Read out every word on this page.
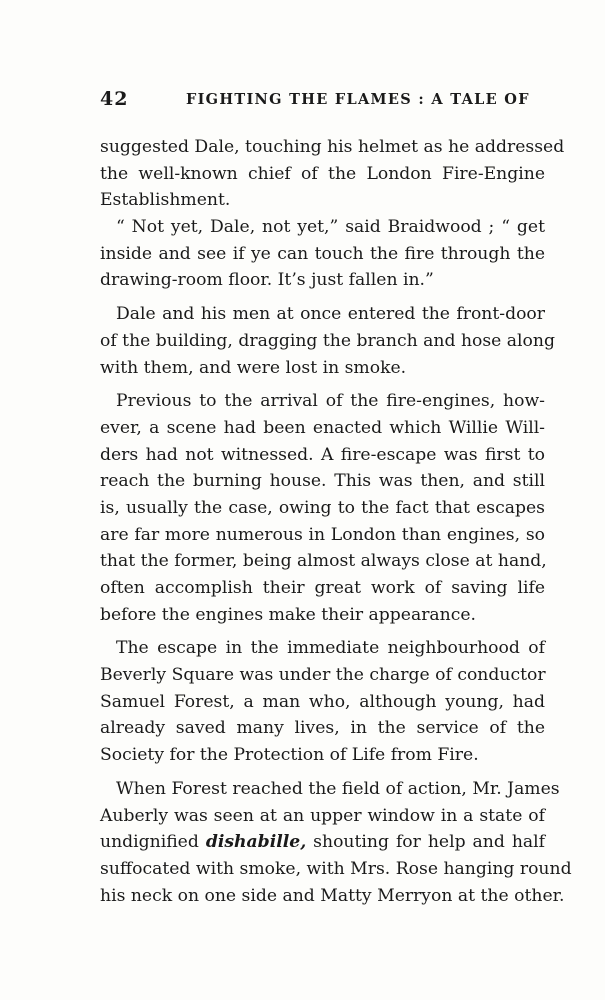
42	FIGHTING THE FLAMES : A TALE OF
suggested Dale, touching his helmet as he addressed
the well-known chief of the London Fire-Engine
Establishment.
“ Not yet, Dale, not yet,” said Braidwood ; “ get
inside and see if ye can touch the fire through the
drawing-room floor. It’s just fallen in.”
Dale and his men at once entered the front-door
of the building, dragging the branch and hose along
with them, and were lost in smoke.
Previous to the arrival of the fire-engines, how-
ever, a scene had been enacted which Willie Will-
ders had not witnessed. A fire-escape was first to
reach the burning house. This was then, and still
is, usually the case, owing to the fact that escapes
are far more numerous in London than engines, so
that the former, being almost always close at hand,
often accomplish their great work of saving life
before the engines make their appearance.
The escape in the immediate neighbourhood of
Beverly Square was under the charge of conductor
Samuel Forest, a man who, although young, had
already saved many lives, in the service of the
Society for the Protection of Life from Fire.
When Forest reached the field of action, Mr. James
Auberly was seen at an upper window in a state of
undignified dishabille, shouting for help and half
suffocated with smoke, with Mrs. Rose hanging round
his neck on one side and Matty Merryon at the other.
